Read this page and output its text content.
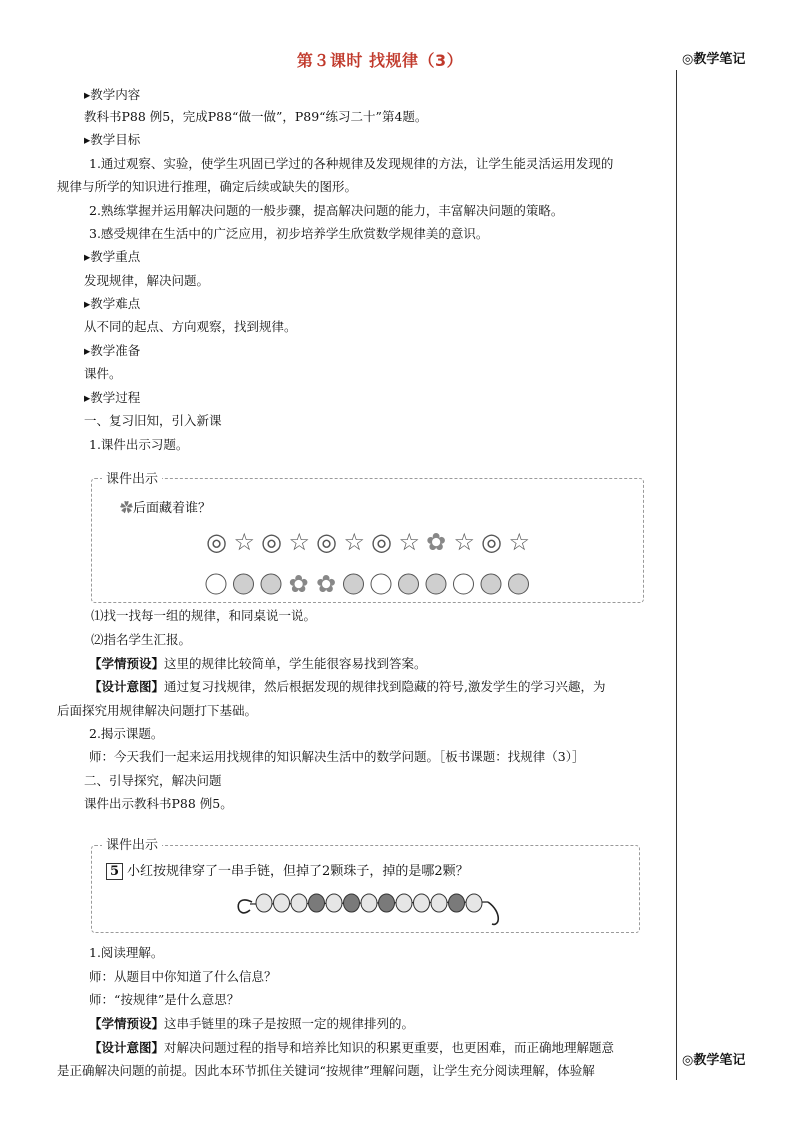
第３课时 找规律（3）	◎教学笔记
◎教学笔记
▸教学内容
教科书P88 例5，完成P88“做一做”，P89“练习二十”第4题。
▸教学目标
1.通过观察、实验，使学生巩固已学过的各种规律及发现规律的方法，让学生能灵活运用发现的
规律与所学的知识进行推理，确定后续或缺失的图形。
2.熟练掌握并运用解决问题的一般步骤，提高解决问题的能力，丰富解决问题的策略。
3.感受规律在生活中的广泛应用，初步培养学生欣赏数学规律美的意识。
▸教学重点
发现规律，解决问题。
▸教学难点
从不同的起点、方向观察，找到规律。
▸教学准备
课件。
▸教学过程
一、复习旧知，引入新课
1.课件出示习题。
课件出示
✿后面藏着谁？
◎ ☆ ◎ ☆ ◎ ☆ ◎ ☆ ✿ ☆ ◎ ☆
✿ ✿
⑴找一找每一组的规律，和同桌说一说。
⑵指名学生汇报。
【学情预设】这里的规律比较简单，学生能很容易找到答案。
【设计意图】通过复习找规律，然后根据发现的规律找到隐藏的符号,激发学生的学习兴趣，为
后面探究用规律解决问题打下基础。
2.揭示课题。
师：今天我们一起来运用找规律的知识解决生活中的数学问题。［板书课题：找规律（3）］
二、引导探究，解决问题
课件出示教科书P88 例5。
课件出示
5 小红按规律穿了一串手链，但掉了2颗珠子，掉的是哪2颗？
1.阅读理解。
师：从题目中你知道了什么信息？
师：“按规律”是什么意思？
【学情预设】这串手链里的珠子是按照一定的规律排列的。
【设计意图】对解决问题过程的指导和培养比知识的积累更重要，也更困难，而正确地理解题意
是正确解决问题的前提。因此本环节抓住关键词“按规律”理解问题，让学生充分阅读理解，体验解
